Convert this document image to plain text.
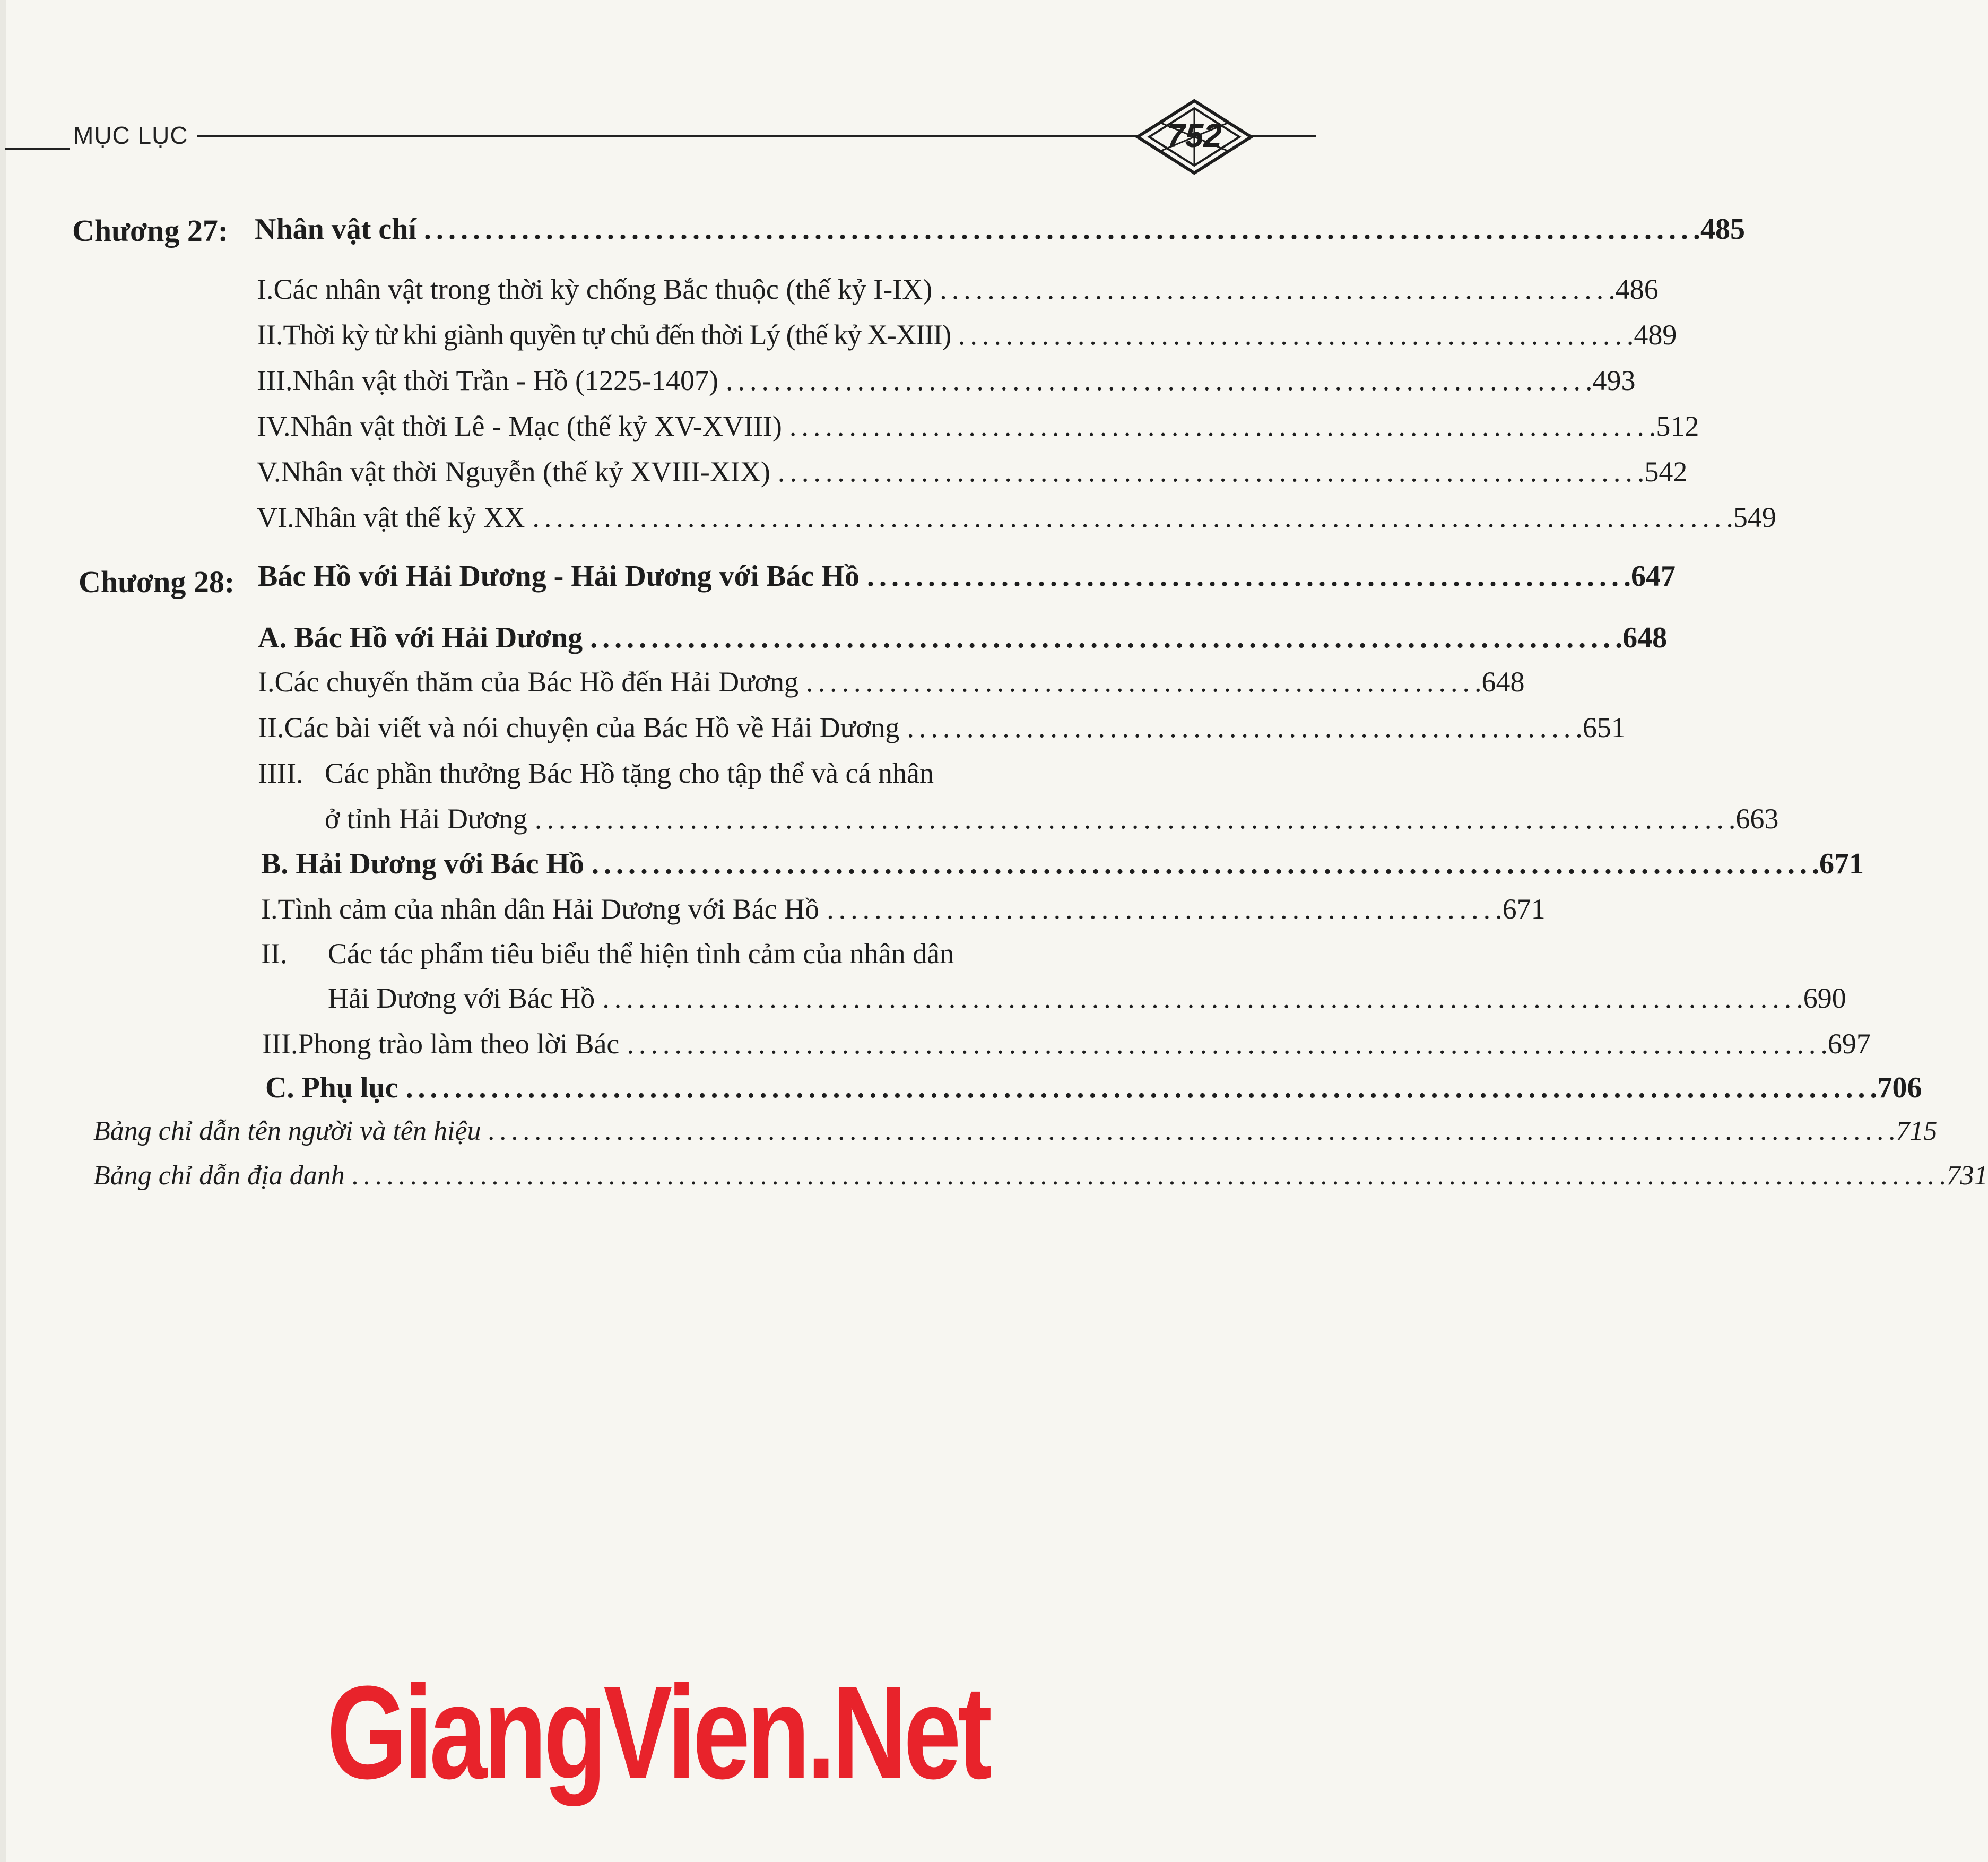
MỤC LỤC	752
Chương 27: Nhân vật chí ........................................................................................................ .485
I. Các nhân vật trong thời kỳ chống Bắc thuộc (thế kỷ I-IX) ........................................................ .486
II. Thời kỳ từ khi giành quyền tự chủ đến thời Lý (thế kỷ X-XIII) ........................................................ .489
III. Nhân vật thời Trần - Hồ (1225-1407) ........................................................................ .493
IV. Nhân vật thời Lê - Mạc (thế kỷ XV-XVIII) ........................................................................ .512
V. Nhân vật thời Nguyễn (thế kỷ XVIII-XIX) ........................................................................ .542
VI. Nhân vật thế kỷ XX .................................................................................................... .549
Chương 28: Bác Hồ với Hải Dương - Hải Dương với Bác Hồ .............................................................. .647
A. Bác Hồ với Hải Dương .................................................................................... .648
I. Các chuyến thăm của Bác Hồ đến Hải Dương ........................................................ .648
II. Các bài viết và nói chuyện của Bác Hồ về Hải Dương ........................................................ .651
IIII. Các phần thưởng Bác Hồ tặng cho tập thể và cá nhân
ở tỉnh Hải Dương .................................................................................................... .663
B. Hải Dương với Bác Hồ .................................................................................................... .671
I. Tình cảm của nhân dân Hải Dương với Bác Hồ ........................................................ .671
II.	Các tác phẩm tiêu biểu thể hiện tình cảm của nhân dân
Hải Dương với Bác Hồ .................................................................................................... .690
III. Phong trào làm theo lời Bác .................................................................................................... .697
C. Phụ lục ........................................................................................................................ .706
Bảng chỉ dẫn tên người và tên hiệu ........................................................................................................................ .715
Bảng chỉ dẫn địa danh ........................................................................................................................................ .731
GiangVien.Net
